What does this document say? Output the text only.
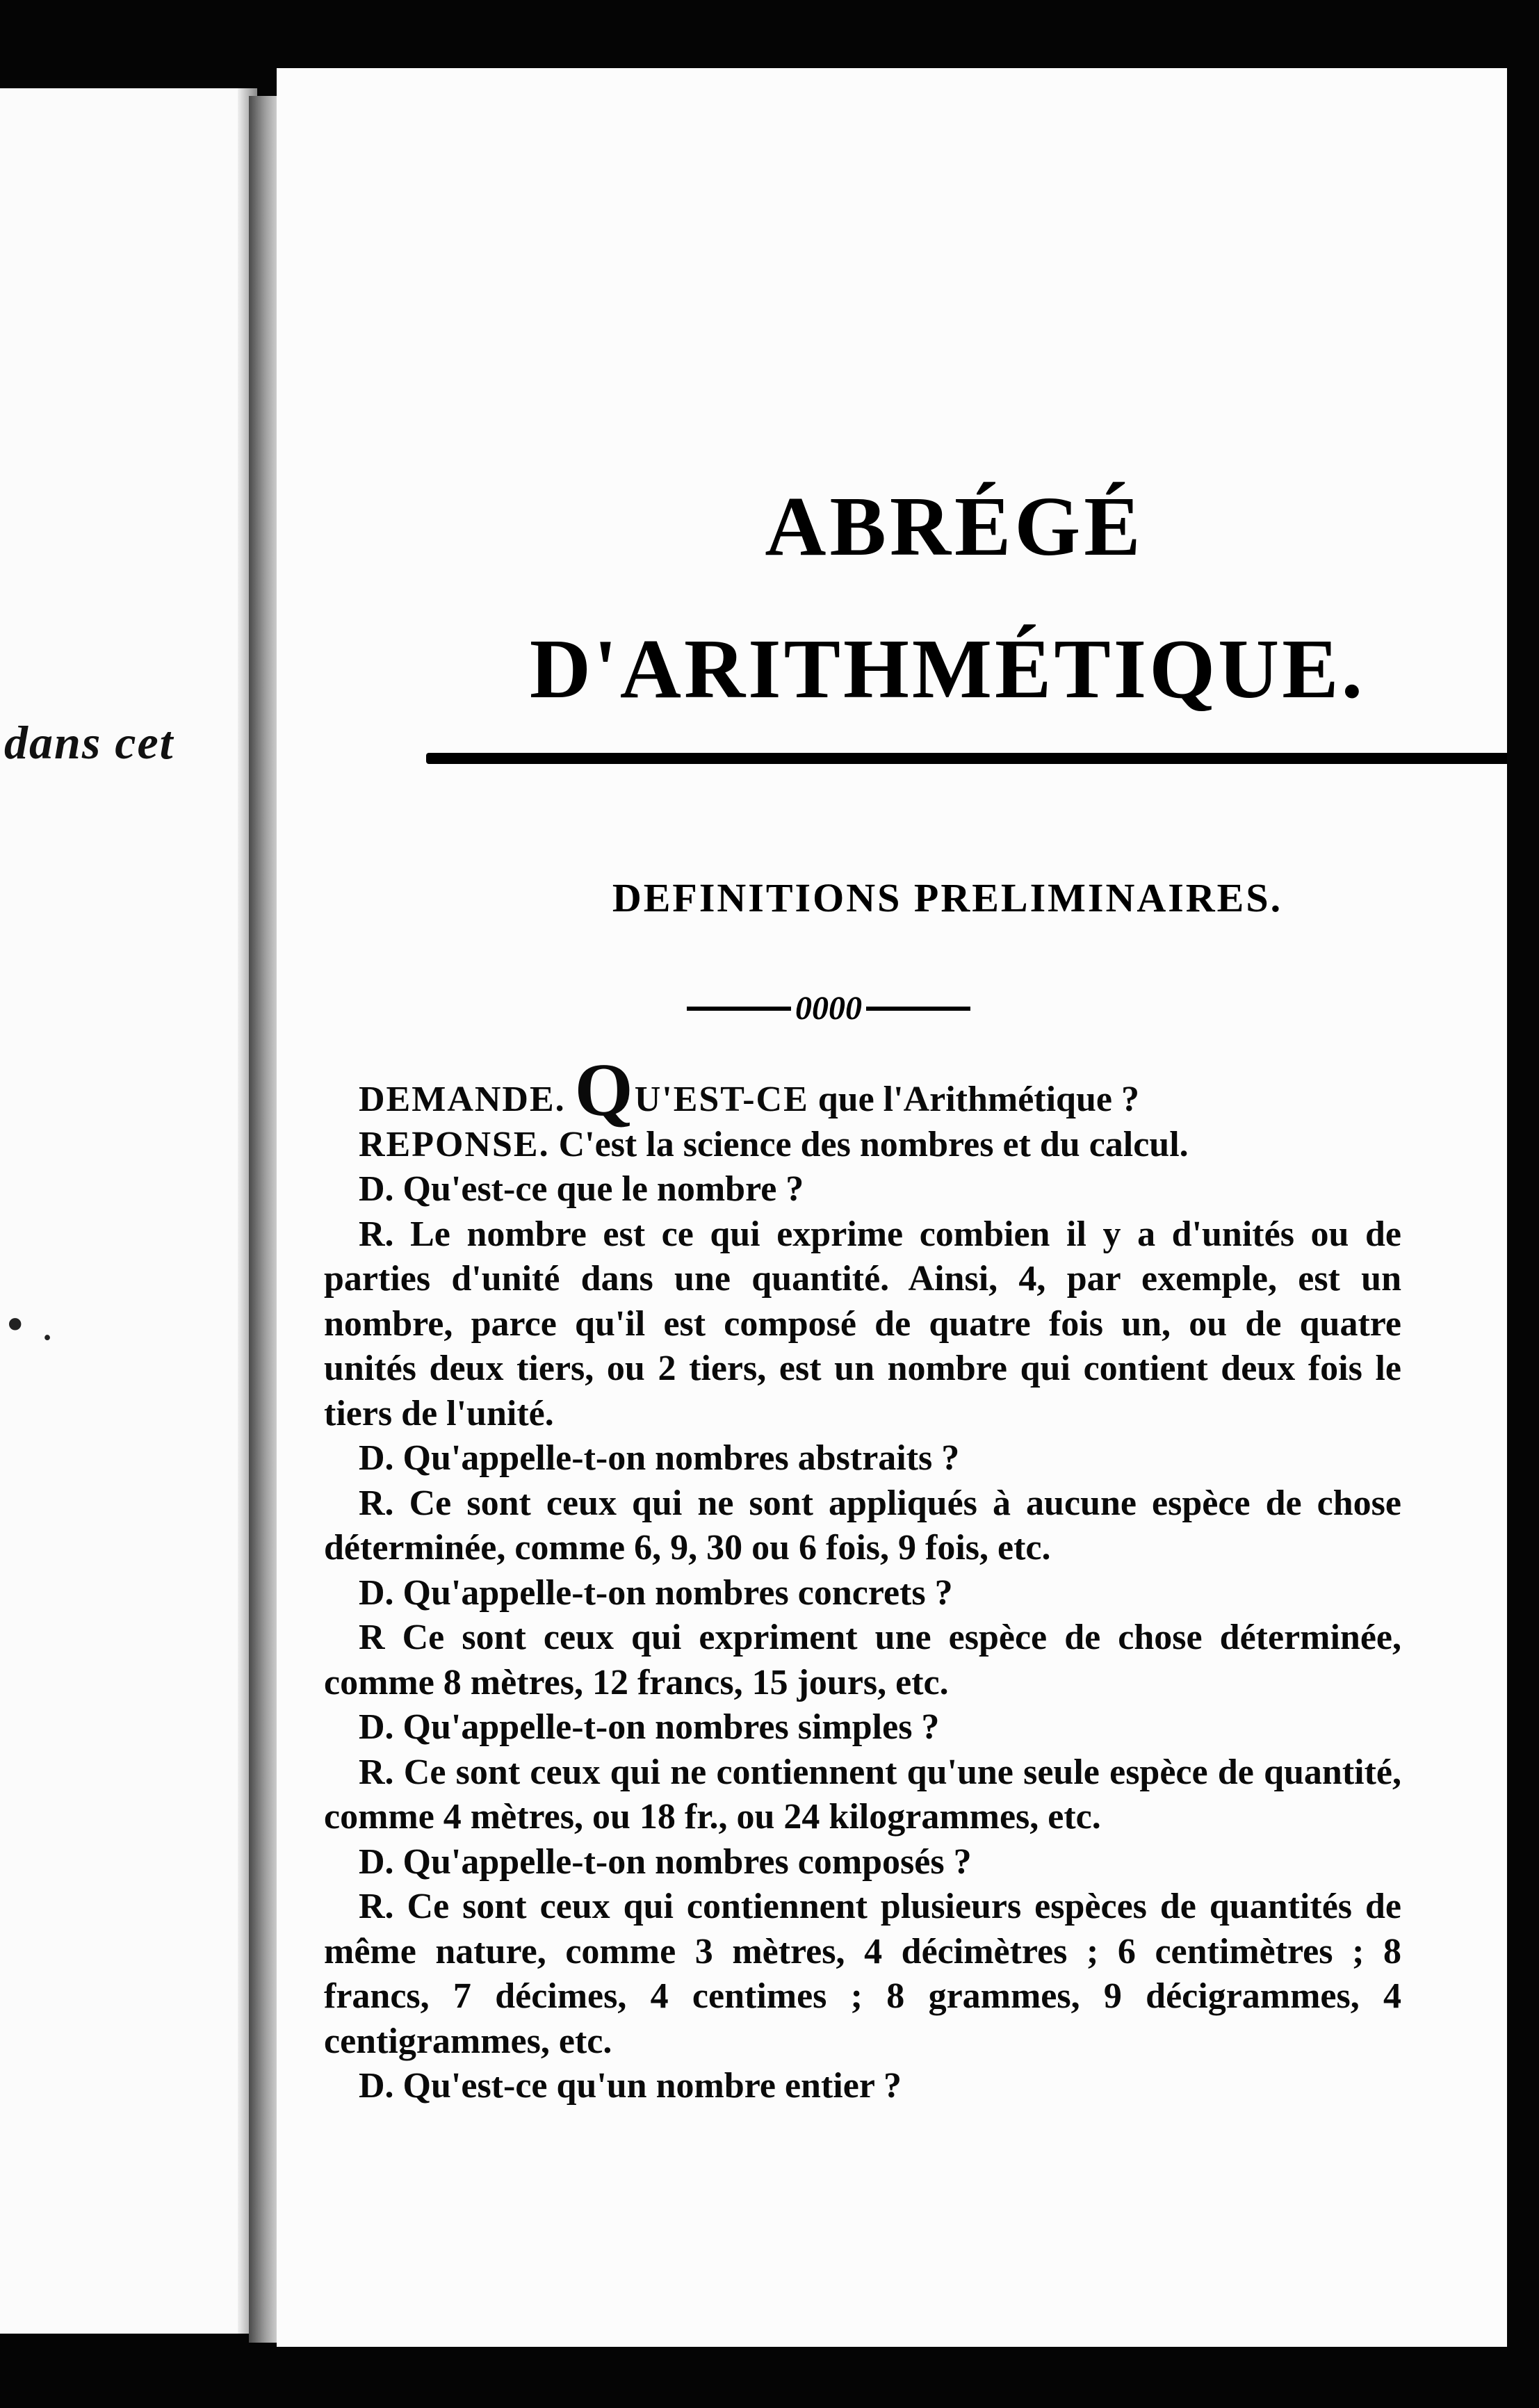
dans cet
• .
ABRÉGÉ
D'ARITHMÉTIQUE.
DEFINITIONS PRELIMINAIRES.
0000

DEMANDE. QU'EST-CE que l'Arithmétique ?

REPONSE. C'est la science des nombres et du calcul.

D. Qu'est-ce que le nombre ?

R. Le nombre est ce qui exprime combien il y a d'unités ou de parties d'unité dans une quantité. Ainsi, 4, par exemple, est un nombre, parce qu'il est composé de quatre fois un, ou de quatre unités deux tiers, ou 2 tiers, est un nombre qui contient deux fois le tiers de l'unité.

D. Qu'appelle-t-on nombres abstraits ?

R. Ce sont ceux qui ne sont appliqués à aucune espèce de chose déterminée, comme 6, 9, 30 ou 6 fois, 9 fois, etc.

D. Qu'appelle-t-on nombres concrets ?

R Ce sont ceux qui expriment une espèce de chose déterminée, comme 8 mètres, 12 francs, 15 jours, etc.

D. Qu'appelle-t-on nombres simples ?

R. Ce sont ceux qui ne contiennent qu'une seule espèce de quantité, comme 4 mètres, ou 18 fr., ou 24 kilogrammes, etc.

D. Qu'appelle-t-on nombres composés ?

R. Ce sont ceux qui contiennent plusieurs espèces de quantités de même nature, comme 3 mètres, 4 décimètres ; 6 centimètres ; 8 francs, 7 décimes, 4 centimes ; 8 grammes, 9 décigrammes, 4 centigrammes, etc.

D. Qu'est-ce qu'un nombre entier ?
